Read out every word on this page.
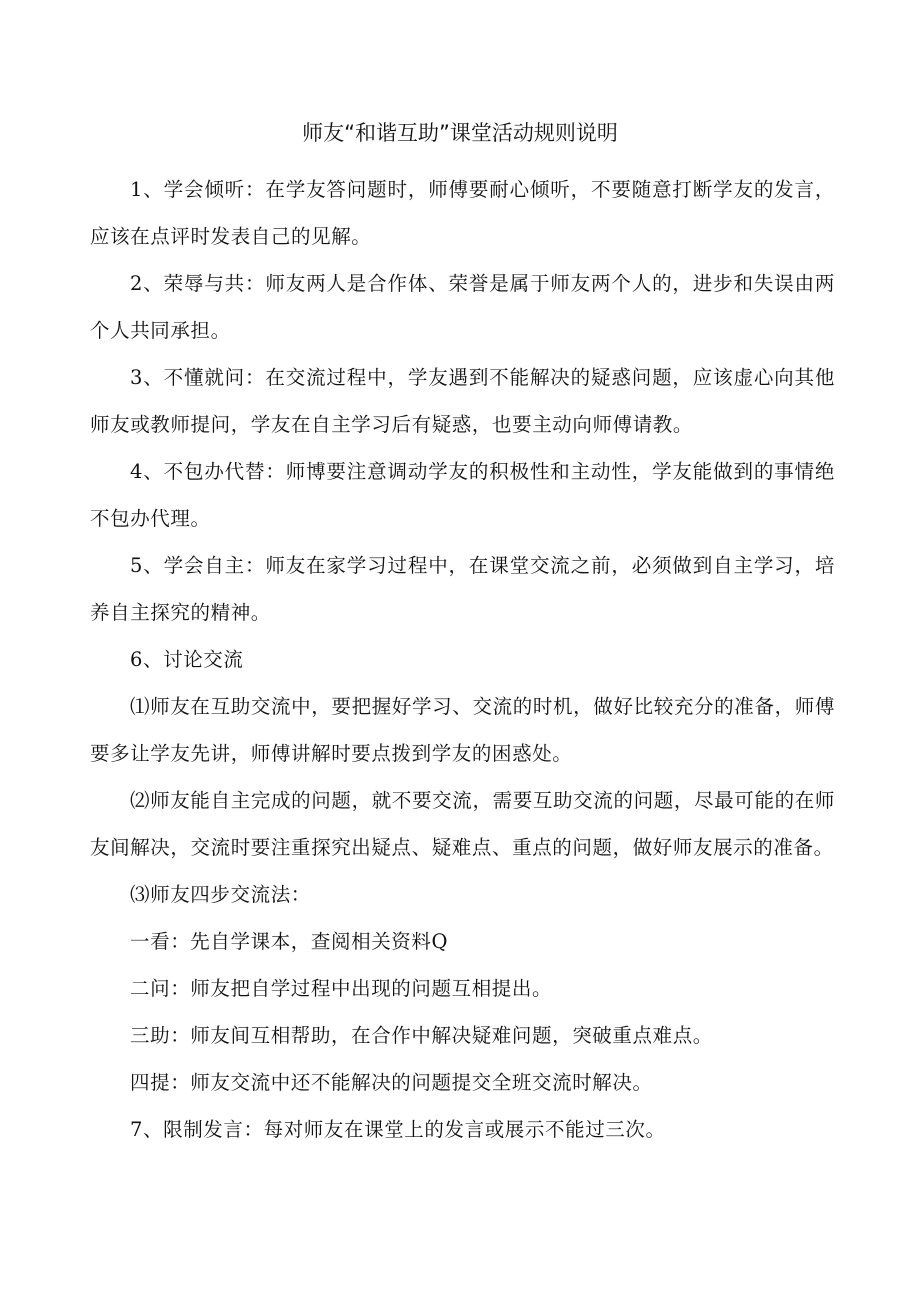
师友“和谐互助”课堂活动规则说明

1、学会倾听：在学友答问题时，师傅要耐心倾听，不要随意打断学友的发言，应该在点评时发表自己的见解。

2、荣辱与共：师友两人是合作体、荣誉是属于师友两个人的，进步和失误由两个人共同承担。

3、不懂就问：在交流过程中，学友遇到不能解决的疑惑问题，应该虚心向其他师友或教师提问，学友在自主学习后有疑惑，也要主动向师傅请教。

4、不包办代替：师博要注意调动学友的积极性和主动性，学友能做到的事情绝不包办代理。

5、学会自主：师友在家学习过程中，在课堂交流之前，必须做到自主学习，培养自主探究的精神。

6、讨论交流

⑴师友在互助交流中，要把握好学习、交流的时机，做好比较充分的准备，师傅要多让学友先讲，师傅讲解时要点拨到学友的困惑处。

⑵师友能自主完成的问题，就不要交流，需要互助交流的问题，尽最可能的在师友间解决，交流时要注重探究出疑点、疑难点、重点的问题，做好师友展示的准备。

⑶师友四步交流法：

一看：先自学课本，查阅相关资料Q

二问：师友把自学过程中出现的问题互相提出。

三助：师友间互相帮助，在合作中解决疑难问题，突破重点难点。

四提：师友交流中还不能解决的问题提交全班交流时解决。

7、限制发言：每对师友在课堂上的发言或展示不能过三次。
